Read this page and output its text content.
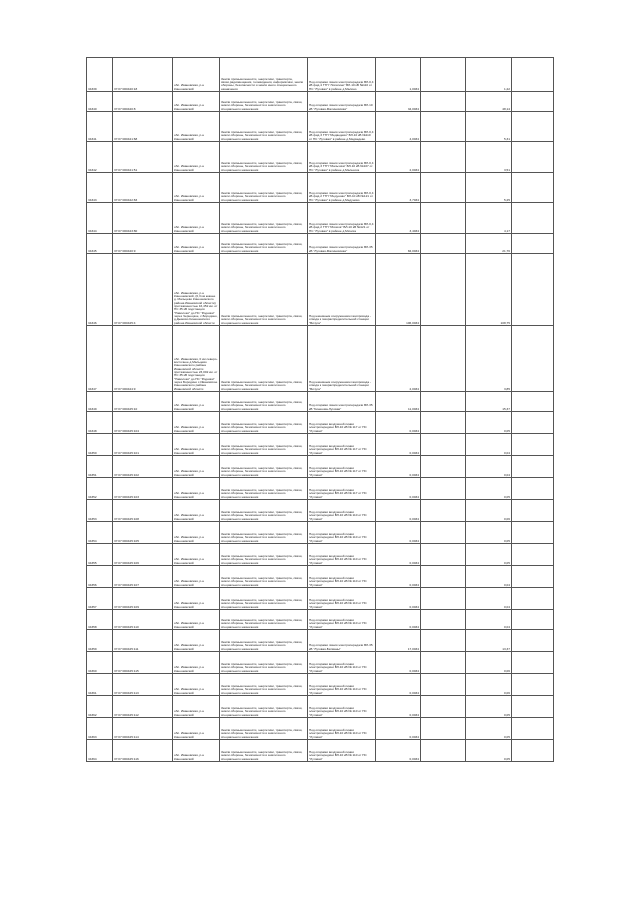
34339	37:07:000420:18	обл. Ивановская, р-н Кинешемский	Земли промышленности, энергетики, транспорта, связи,радиовещания, телевидения, информатики, земли обороны, безопасности и земли иного специального назначения	Под опорами линии электропередачи ВЛ-0,4 кВ фид.4 ГТП "Лопатино" ВЛ-10 кВ №110 от ПС "Луговая" в районе д.Малино	1,0034		1,22	
34340	37:07:000420:8	обл. Ивановская, р-н Кинешемский	Земли промышленности, энергетики, транспорта, связи, земли обороны, безопасности и земли иного специального назначения	Под опорами линии электропередачи ВЛ-10 кВ "Луговая-Малиновская"	34,0034		48,14	
34341	37:07:000421:68	обл. Ивановская, р-н Кинешемский	Земли промышленности, энергетики, транспорта, связи, земли обороны, безопасности и земли иного специального назначения	Под опорами линии электропередачи ВЛ-0,4 кВ фид.3 ГТП "Медведево" ВЛ-10 кВ №110 от ПС "Луговая" в районе д.Медведево	4,0034		5,31	
34342	37:07:000421:51	обл. Ивановская, р-н Кинешемский	Земли промышленности, энергетики, транспорта, связи, земли обороны, безопасности и земли иного специального назначения	Под опорами линии электропередачи ВЛ-0,4 кВ фид.3 ГТП "Мальчиха" ВЛ-10 кВ №107 от ПС "Луговая" в районе д.Мальчиха	2,0034		3,51	
34343	37:07:000422:83	обл. Ивановская, р-н Кинешемский	Земли промышленности, энергетики, транспорта, связи, земли обороны, безопасности и земли иного специального назначения	Под опорами линии электропередачи ВЛ-0,4 кВ фид.2 ГТП "Медуново" ВЛ-10 кВ №121 от ПС "Луговая" в районе д.Медуново	3,7034		5,25	
34344	37:07:000423:80	обл. Ивановская, р-н Кинешемский	Земли промышленности, энергетики, транспорта, связи, земли обороны, безопасности и земли иного специального назначения	Под опорами линии электропередачи ВЛ-0,4 кВ фид.2 ГТП "Мячиха" ВЛ-10 кВ №121 от ПС "Луговая" в районе д.Мячиха	3,4034		4,17	
34345	37:07:000420:9	обл. Ивановская, р-н Кинешемский	Земли промышленности, энергетики, транспорта, связи, земли обороны, безопасности и земли иного специального назначения	Под опорами линии электропередачи ВЛ-35 кВ "Луговая-Малиновская"	84,0034		21,76	
34346	37:07:000425:4	обл. Ивановская, р-н Кинешемский, (0,3 км южнее д. Мальцево Кинешемского района Ивановской области) протяжённостью 16,452 км. от ПС 35 кВ подстанция "Наволоки" до ПС "Родники" через Чернецкое, с.Бородино, д.Дьяково Кинешемского района Ивановской области	Земли промышленности, энергетики, транспорта, связи, земли обороны, безопасности и земли иного специального назначения	Под наземным сооружением газопровода - отвода к газораспределительной станции "Вичуга"	106,0034		108,75	
34347	37:07:000424:9	обл. Ивановская, 0 км северо-восточнее д.Мальцево Кинешемского района Ивановской области протяжённостью 23,002 км. от ПС 35 кВ подстанция "Наволоки" до ПС "Родники" через Бородино с.Ивановское Кинешемского района Ивановской области	Земли промышленности, энергетики, транспорта, связи, земли обороны, безопасности и земли иного специального назначения	Под наземным сооружением газопровода - отвода к газораспределительной станции "Вичуга"	2,0034		3,85	
34349	37:07:000425:10	обл. Ивановская, р-н Кинешемский	Земли промышленности, энергетики, транспорта, связи, земли обороны, безопасности и земли иного специального назначения	Под опорами линии электропередачи ВЛ-35 кВ "Кинешма-Луговая"	11,0034		15,37	
34348	37:07:000425:104	обл. Ивановская, р-н Кинешемский	Земли промышленности, энергетики, транспорта, связи, земли обороны, безопасности и земли иного специального назначения	Под опорами воздушной линии электропередачи ВЛ-10 кВ № 117 от ПС "Луговая"	0,0034		0,05	
34350	37:07:000425:101	обл. Ивановская, р-н Кинешемский	Земли промышленности, энергетики, транспорта, связи, земли обороны, безопасности и земли иного специального назначения	Под опорами воздушной линии электропередачи ВЛ-10 кВ № 117 от ПС "Луговая"	0,0034		0,04	
34351	37:07:000425:102	обл. Ивановская, р-н Кинешемский	Земли промышленности, энергетики, транспорта, связи, земли обороны, безопасности и земли иного специального назначения	Под опорами воздушной линии электропередачи ВЛ-10 кВ № 117 от ПС "Луговая"	0,0034		0,04	
34352	37:07:000425:103	обл. Ивановская, р-н Кинешемский	Земли промышленности, энергетики, транспорта, связи, земли обороны, безопасности и земли иного специального назначения	Под опорами воздушной линии электропередачи ВЛ-10 кВ № 117 от ПС "Луговая"	0,0034		0,05	
34353	37:07:000425:108	обл. Ивановская, р-н Кинешемский	Земли промышленности, энергетики, транспорта, связи, земли обороны, безопасности и земли иного специального назначения	Под опорами воздушной линии электропередачи ВЛ-10 кВ № 110 от ПС "Луговая"	0,0034		0,06	
34354	37:07:000425:105	обл. Ивановская, р-н Кинешемский	Земли промышленности, энергетики, транспорта, связи, земли обороны, безопасности и земли иного специального назначения	Под опорами воздушной линии электропередачи ВЛ-10 кВ № 110 от ПС "Луговая"	0,0034		0,05	
34355	37:07:000425:106	обл. Ивановская, р-н Кинешемский	Земли промышленности, энергетики, транспорта, связи, земли обороны, безопасности и земли иного специального назначения	Под опорами воздушной линии электропередачи ВЛ-10 кВ № 110 от ПС "Луговая"	0,0034		0,05	
34356	37:07:000425:107	обл. Ивановская, р-н Кинешемский	Земли промышленности, энергетики, транспорта, связи, земли обороны, безопасности и земли иного специального назначения	Под опорами воздушной линии электропередачи ВЛ-10 кВ № 110 от ПС "Луговая"	0,0034		0,04	
34357	37:07:000425:109	обл. Ивановская, р-н Кинешемский	Земли промышленности, энергетики, транспорта, связи, земли обороны, безопасности и земли иного специального назначения	Под опорами воздушной линии электропередачи ВЛ-10 кВ № 110 от ПС "Луговая"	0,0034		0,04	
34358	37:07:000425:110	обл. Ивановская, р-н Кинешемский	Земли промышленности, энергетики, транспорта, связи, земли обороны, безопасности и земли иного специального назначения	Под опорами воздушной линии электропередачи ВЛ-10 кВ № 110 от ПС "Луговая"	0,0034		0,04	
34359	37:07:000425:111	обл. Ивановская, р-н Кинешемский	Земли промышленности, энергетики, транспорта, связи, земли обороны, безопасности и земли иного специального назначения	Под опорами линии электропередачи ВЛ-35 кВ "Луговая-Батманы"	17,0034		13,37	
34360	37:07:000425:115	обл. Ивановская, р-н Кинешемский	Земли промышленности, энергетики, транспорта, связи, земли обороны, безопасности и земли иного специального назначения	Под опорами воздушной линии электропередачи ВЛ-10 кВ № 110 от ПС "Луговая"	0,0034		0,06	
34361	37:07:000425:113	обл. Ивановская, р-н Кинешемский	Земли промышленности, энергетики, транспорта, связи, земли обороны, безопасности и земли иного специального назначения	Под опорами воздушной линии электропередачи ВЛ-10 кВ № 110 от ПС "Луговая"	0,0034		0,06	
34362	37:07:000425:112	обл. Ивановская, р-н Кинешемский	Земли промышленности, энергетики, транспорта, связи, земли обороны, безопасности и земли иного специального назначения	Под опорами воздушной линии электропередачи ВЛ-10 кВ № 110 от ПС "Луговая"	0,0034		0,05	
34363	37:07:000425:114	обл. Ивановская, р-н Кинешемский	Земли промышленности, энергетики, транспорта, связи, земли обороны, безопасности и земли иного специального назначения	Под опорами воздушной линии электропередачи ВЛ-10 кВ № 110 от ПС "Луговая"	0,0034		0,05	
34364	37:07:000425:116	обл. Ивановская, р-н Кинешемский	Земли промышленности, энергетики, транспорта, связи, земли обороны, безопасности и земли иного специального назначения	Под опорами воздушной линии электропередачи ВЛ-10 кВ № 110 от ПС "Луговая"	0,0034		0,05	
